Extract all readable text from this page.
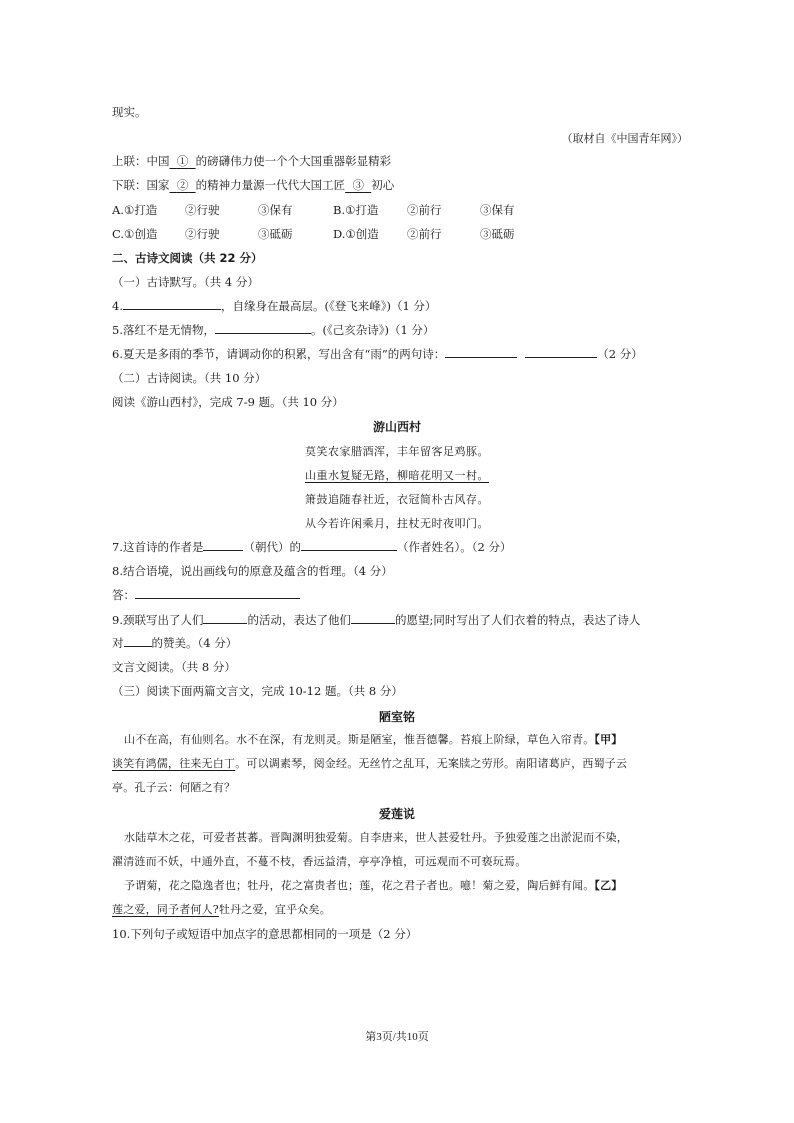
现实。
（取材自《中国青年网》）
上联：中国 ① 的磅礴伟力使一个个大国重器彰显精彩
下联：国家 ② 的精神力量源一代代大国工匠 ③ 初心
A.①打造 ②行驶	③保有	B.①打造 ②前行	③保有
C.①创造 ②行驶	③砥砺	D.①创造 ②前行	③砥砺
二、古诗文阅读（共 22 分）
（一）古诗默写。（共 4 分）
4.	，自缘身在最高层。(《登飞来峰》)（1 分）
5.落红不是无情物，	。(《己亥杂诗》)（1 分）
6.夏天是多雨的季节，请调动你的积累，写出含有“雨”的两句诗：	（2 分）
（二）古诗阅读。（共 10 分）
阅读《游山西村》，完成 7-9 题。（共 10 分）
游山西村
莫笑农家腊酒浑，丰年留客足鸡豚。
山重水复疑无路，柳暗花明又一村。
箫鼓追随春社近，衣冠简朴古风存。
从今若许闲乘月，拄杖无时夜叩门。
7.这首诗的作者是	（朝代）的	（作者姓名）。（2 分）
8.结合语境，说出画线句的原意及蕴含的哲理。（4 分）
答：
9.颈联写出了人们	的活动，表达了他们	的愿望;同时写出了人们衣着的特点，表达了诗人
对 的赞美。（4 分）
文言文阅读。（共 8 分）
（三）阅读下面两篇文言文，完成 10-12 题。（共 8 分）
陋室铭
山不在高，有仙则名。水不在深，有龙则灵。斯是陋室，惟吾德馨。苔痕上阶绿，草色入帘青。【甲】
谈笑有鸿儒，往来无白丁。可以调素琴，阅金经。无丝竹之乱耳，无案牍之劳形。南阳诸葛庐，西蜀子云
亭。孔子云：何陋之有？
爱莲说
水陆草木之花，可爱者甚蕃。晋陶渊明独爱菊。自李唐来，世人甚爱牡丹。予独爱莲之出淤泥而不染，
濯清涟而不妖，中通外直，不蔓不枝，香远益清，亭亭净植，可远观而不可亵玩焉。
予谓菊，花之隐逸者也；牡丹，花之富贵者也；莲，花之君子者也。噫！菊之爱，陶后鲜有闻。【乙】
莲之爱，同予者何人?牡丹之爱，宜乎众矣。
10.下列句子或短语中加点字的意思都相同的一项是（2 分）
第3页/共10页
